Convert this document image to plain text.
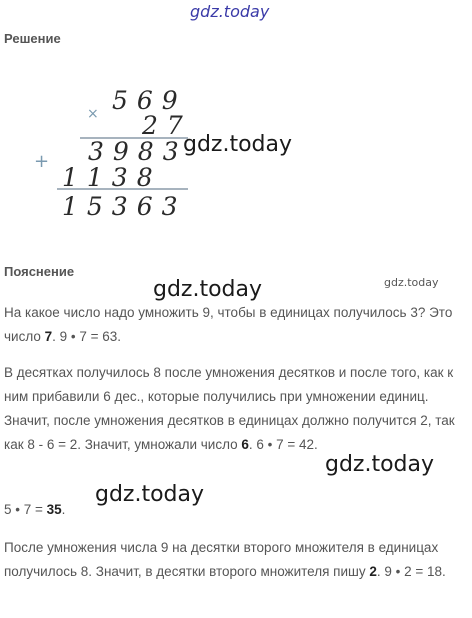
gdz.today
Решение
× 569
27
+ 3983
1138
15363
gdz.today
Пояснение
gdz.today	gdz.today
На какое число надо умножить 9, чтобы в единицах получилось 3? Это число 7. 9 • 7 = 63.
В десятках получилось 8 после умножения десятков и после того, как к ним прибавили 6 дес., которые получились при умножении единиц. Значит, после умножения десятков в единицах должно получится 2, так как 8 - 6 = 2. Значит, умножали число 6. 6 • 7 = 42.
gdz.today
gdz.today
5 • 7 = 35.
После умножения числа 9 на десятки второго множителя в единицах получилось 8. Значит, в десятки второго множителя пишу 2. 9 • 2 = 18.
